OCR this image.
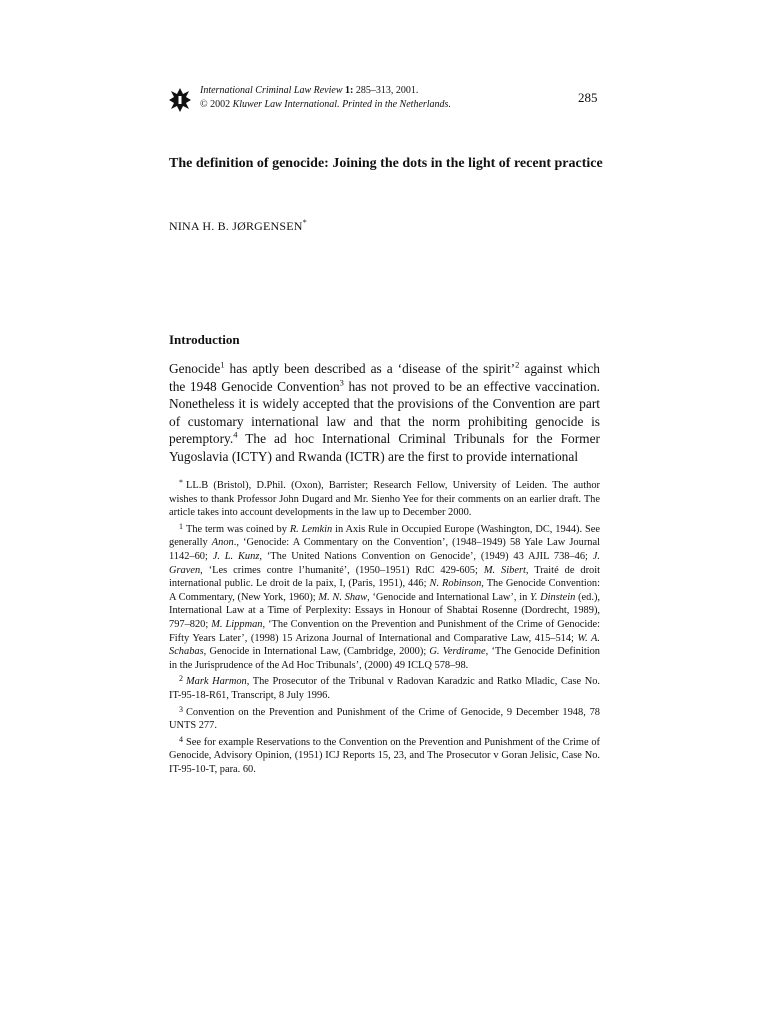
International Criminal Law Review 1: 285–313, 2001.
© 2002 Kluwer Law International. Printed in the Netherlands.	285
The definition of genocide: Joining the dots in the light of recent practice
NINA H. B. JØRGENSEN*
Introduction

Genocide$^1$ has aptly been described as a ‘disease of the spirit’$^2$ against which the 1948 Genocide Convention$^3$ has not proved to be an effective vaccination. Nonetheless it is widely accepted that the provisions of the Convention are part of customary international law and that the norm prohibiting genocide is peremptory.$^4$ The ad hoc International Criminal Tribunals for the Former Yugoslavia (ICTY) and Rwanda (ICTR) are the first to provide international

* LL.B (Bristol), D.Phil. (Oxon), Barrister; Research Fellow, University of Leiden. The author wishes to thank Professor John Dugard and Mr. Sienho Yee for their comments on an earlier draft. The article takes into account developments in the law up to December 2000.

$^1$ The term was coined by R. Lemkin in Axis Rule in Occupied Europe (Washington, DC, 1944). See generally Anon., ‘Genocide: A Commentary on the Convention’, (1948–1949) 58 Yale Law Journal 1142–60; J. L. Kunz, ‘The United Nations Convention on Genocide’, (1949) 43 AJIL 738–46; J. Graven, ‘Les crimes contre l’humanité’, (1950–1951) RdC 429-605; M. Sibert, Traité de droit international public. Le droit de la paix, I, (Paris, 1951), 446; N. Robinson, The Genocide Convention: A Commentary, (New York, 1960); M. N. Shaw, ‘Genocide and International Law’, in Y. Dinstein (ed.), International Law at a Time of Perplexity: Essays in Honour of Shabtai Rosenne (Dordrecht, 1989), 797–820; M. Lippman, ‘The Convention on the Prevention and Punishment of the Crime of Genocide: Fifty Years Later’, (1998) 15 Arizona Journal of International and Comparative Law, 415–514; W. A. Schabas, Genocide in International Law, (Cambridge, 2000); G. Verdirame, ‘The Genocide Definition in the Jurisprudence of the Ad Hoc Tribunals’, (2000) 49 ICLQ 578–98.

$^2$ Mark Harmon, The Prosecutor of the Tribunal v Radovan Karadzic and Ratko Mladic, Case No. IT-95-18-R61, Transcript, 8 July 1996.

$^3$ Convention on the Prevention and Punishment of the Crime of Genocide, 9 December 1948, 78 UNTS 277.

$^4$ See for example Reservations to the Convention on the Prevention and Punishment of the Crime of Genocide, Advisory Opinion, (1951) ICJ Reports 15, 23, and The Prosecutor v Goran Jelisic, Case No. IT-95-10-T, para. 60.
